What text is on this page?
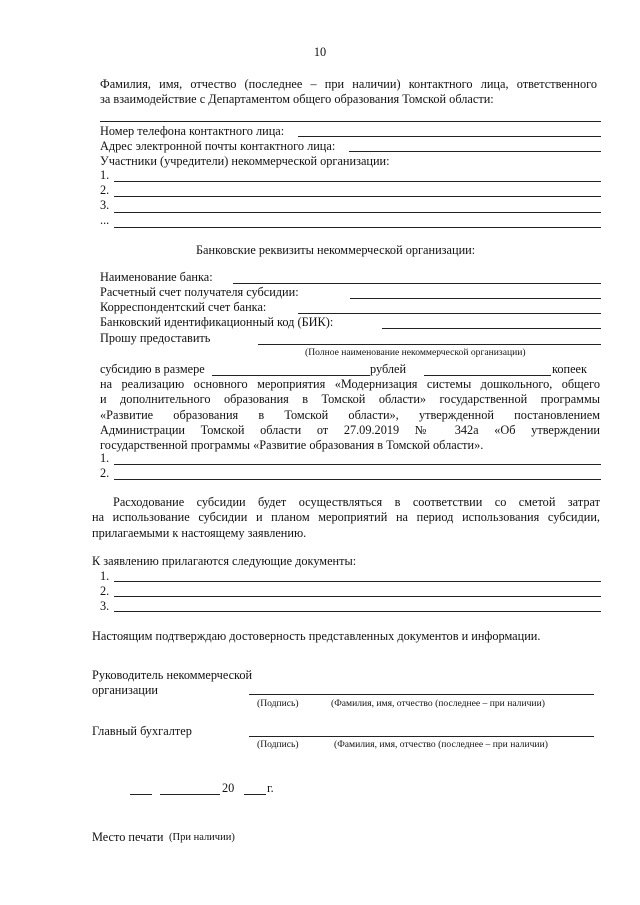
10
Фамилия, имя, отчество (последнее – при наличии) контактного лица, ответственного
за взаимодействие с Департаментом общего образования Томской области:
Номер телефона контактного лица:
Адрес электронной почты контактного лица:
Участники (учредители) некоммерческой организации:
1.
2.
3.
...
Банковские реквизиты некоммерческой организации:
Наименование банка:
Расчетный счет получателя субсидии:
Корреспондентский счет банка:
Банковский идентификационный код (БИК):
Прошу предоставить
(Полное наименование некоммерческой организации)
субсидию в размере	рублей	копеек
на реализацию основного мероприятия «Модернизация системы дошкольного, общего
и дополнительного образования в Томской области» государственной программы
«Развитие образования в Томской области», утвержденной постановлением
Администрации Томской области от 27.09.2019 № 342а «Об утверждении
государственной программы «Развитие образования в Томской области».
1.
2.
Расходование субсидии будет осуществляться в соответствии со сметой затрат
на использование субсидии и планом мероприятий на период использования субсидии,
прилагаемыми к настоящему заявлению.
К заявлению прилагаются следующие документы:
1.
2.
3.
Настоящим подтверждаю достоверность представленных документов и информации.
Руководитель некоммерческой
организации
(Подпись)	(Фамилия, имя, отчество (последнее – при наличии)
Главный бухгалтер
(Подпись)	(Фамилия, имя, отчество (последнее – при наличии)
20	г.
Место печати (При наличии)
